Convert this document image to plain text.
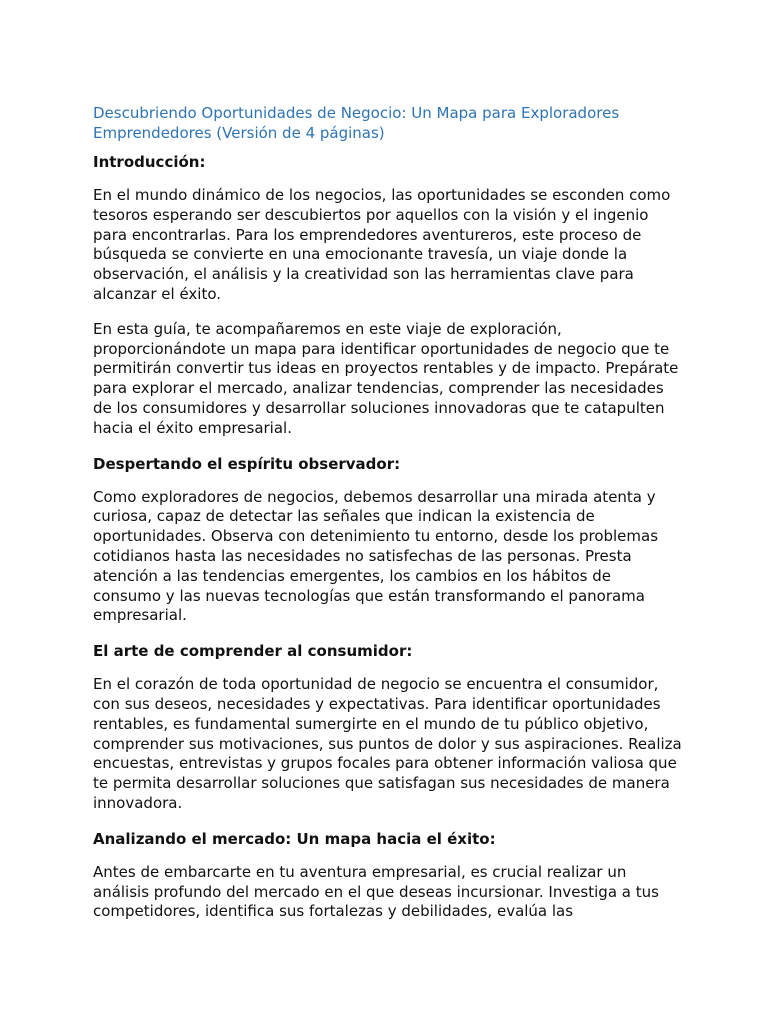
Descubriendo Oportunidades de Negocio: Un Mapa para Exploradores Emprendedores (Versión de 4 páginas)
Introducción:
En el mundo dinámico de los negocios, las oportunidades se esconden como tesoros esperando ser descubiertos por aquellos con la visión y el ingenio para encontrarlas. Para los emprendedores aventureros, este proceso de búsqueda se convierte en una emocionante travesía, un viaje donde la observación, el análisis y la creatividad son las herramientas clave para alcanzar el éxito.
En esta guía, te acompañaremos en este viaje de exploración, proporcionándote un mapa para identificar oportunidades de negocio que te permitirán convertir tus ideas en proyectos rentables y de impacto. Prepárate para explorar el mercado, analizar tendencias, comprender las necesidades de los consumidores y desarrollar soluciones innovadoras que te catapulten hacia el éxito empresarial.
Despertando el espíritu observador:
Como exploradores de negocios, debemos desarrollar una mirada atenta y curiosa, capaz de detectar las señales que indican la existencia de oportunidades. Observa con detenimiento tu entorno, desde los problemas cotidianos hasta las necesidades no satisfechas de las personas. Presta atención a las tendencias emergentes, los cambios en los hábitos de consumo y las nuevas tecnologías que están transformando el panorama empresarial.
El arte de comprender al consumidor:
En el corazón de toda oportunidad de negocio se encuentra el consumidor, con sus deseos, necesidades y expectativas. Para identificar oportunidades rentables, es fundamental sumergirte en el mundo de tu público objetivo, comprender sus motivaciones, sus puntos de dolor y sus aspiraciones. Realiza encuestas, entrevistas y grupos focales para obtener información valiosa que te permita desarrollar soluciones que satisfagan sus necesidades de manera innovadora.
Analizando el mercado: Un mapa hacia el éxito:
Antes de embarcarte en tu aventura empresarial, es crucial realizar un análisis profundo del mercado en el que deseas incursionar. Investiga a tus competidores, identifica sus fortalezas y debilidades, evalúa las
